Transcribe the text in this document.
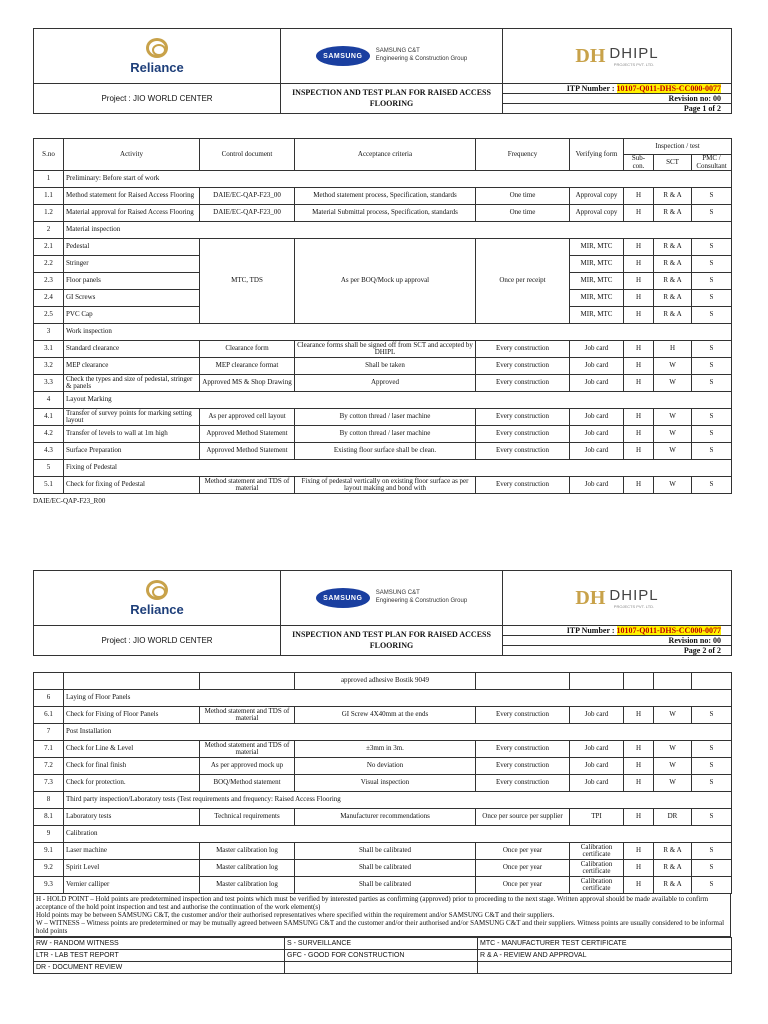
Reliance

SAMSUNG
SAMSUNG C&T
Engineering & Construction Group	DH DHIPL
PROJECTS PVT. LTD.
Project : JIO WORLD CENTER	INSPECTION AND TEST PLAN FOR RAISED ACCESS FLOORING	ITP Number : 10107-Q011-DHS-CC000-0077
Revision no: 00
Page 1 of 2
S.no	Activity	Control document	Acceptance criteria	Frequency	Verifying form	Inspection / test		
						Sub-con.	SCT	PMC / Consultant
1	Preliminary: Before start of work							
1.1	Method statement for Raised Access Flooring	DAIE/EC-QAP-F23_00	Method statement process, Specification, standards	One time	Approval copy	H	R & A	S
1.2	Material approval for Raised Access Flooring	DAIE/EC-QAP-F23_00	Material Submittal process, Specification, standards	One time	Approval copy	H	R & A	S
2	Material inspection							
2.1	Pedestal	MTC, TDS	As per BOQ/Mock up approval	Once per receipt	MIR, MTC	H	R & A	S
2.2	Stringer				MIR, MTC	H	R & A	S
2.3	Floor panels				MIR, MTC	H	R & A	S
2.4	GI Screws				MIR, MTC	H	R & A	S
2.5	PVC Cap				MIR, MTC	H	R & A	S
3	Work inspection							
3.1	Standard clearance	Clearance form	Clearance forms shall be signed off from SCT and accepted by DHIPL	Every construction	Job card	H	H	S
3.2	MEP clearance	MEP clearance format	Shall be taken	Every construction	Job card	H	W	S
3.3	Check the types and size of pedestal, stringer & panels	Approved MS & Shop Drawing	Approved	Every construction	Job card	H	W	S
4	Layout Marking							
4.1	Transfer of survey points for marking setting layout	As per approved cell layout	By cotton thread / laser machine	Every construction	Job card	H	W	S
4.2	Transfer of levels to wall at 1m high	Approved Method Statement	By cotton thread / laser machine	Every construction	Job card	H	W	S
4.3	Surface Preparation	Approved Method Statement	Existing floor surface shall be clean.	Every construction	Job card	H	W	S
5	Fixing of Pedestal							
5.1	Check for fixing of Pedestal	Method statement and TDS of material	Fixing of pedestal vertically on existing floor surface as per layout making and bond with	Every construction	Job card	H	W	S
DAIE/EC-QAP-F23_R00
Reliance

SAMSUNG
SAMSUNG C&T
Engineering & Construction Group	DH DHIPL
PROJECTS PVT. LTD.
Project : JIO WORLD CENTER	INSPECTION AND TEST PLAN FOR RAISED ACCESS FLOORING	ITP Number : 10107-Q011-DHS-CC000-0077
Revision no: 00
Page 2 of 2
			approved adhesive Bostik 9049					
6	Laying of Floor Panels							
6.1	Check for Fixing of Floor Panels	Method statement and TDS of material	GI Screw 4X40mm at the ends	Every construction	Job card	H	W	S
7	Post Installation							
7.1	Check for Line & Level	Method statement and TDS of material	±3mm in 3m.	Every construction	Job card	H	W	S
7.2	Check for final finish	As per approved mock up	No deviation	Every construction	Job card	H	W	S
7.3	Check for protection.	BOQ/Method statement	Visual inspection	Every construction	Job card	H	W	S
8	Third party inspection/Laboratory tests (Test requirements and frequency: Raised Access Flooring							
8.1	Laboratory tests	Technical requirements	Manufacturer recommendations	Once per source per supplier	TPI	H	DR	S
9	Calibration							
9.1	Laser machine	Master calibration log	Shall be calibrated	Once per year	Calibration certificate	H	R & A	S
9.2	Spirit Level	Master calibration log	Shall be calibrated	Once per year	Calibration certificate	H	R & A	S
9.3	Vernier calliper	Master calibration log	Shall be calibrated	Once per year	Calibration certificate	H	R & A	S
H - HOLD POINT – Hold points are predetermined inspection and test points which must be verified by interested parties as confirming (approved) prior to proceeding to the next stage. Written approval should be made available to confirm acceptance of the hold point inspection and test and authorise the continuation of the work element(s)
Hold points may be between SAMSUNG C&T, the customer and/or their authorised representatives where specified within the requirement and/or SAMSUNG C&T and their suppliers.
W – WITNESS – Witness points are predetermined or may be mutually agreed between SAMSUNG C&T and the customer and/or their authorised and/or SAMSUNG C&T and their suppliers. Witness points are usually considered to be informal hold points
RW - RANDOM WITNESS	S - SURVEILLANCE	MTC - MANUFACTURER TEST CERTIFICATE
LTR - LAB TEST REPORT	GFC - GOOD FOR CONSTRUCTION	R & A - REVIEW AND APPROVAL
DR - DOCUMENT REVIEW		
